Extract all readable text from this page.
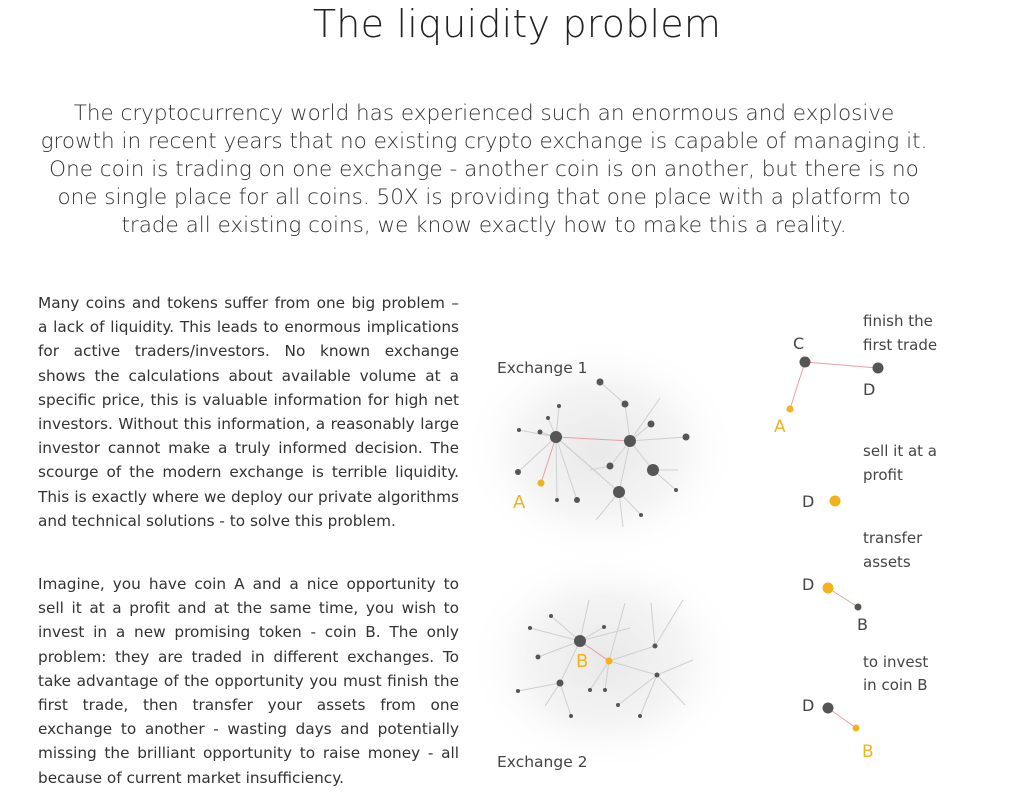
The liquidity problem
The cryptocurrency world has experienced such an enormous and explosive growth in recent years that no existing crypto exchange is capable of managing it. One coin is trading on one exchange - another coin is on another, but there is no one single place for all coins. 50X is providing that one place with a platform to trade all existing coins, we know exactly how to make this a reality.
Many coins and tokens suffer from one big problem – a lack of liquidity. This leads to enormous implications for active traders/investors. No known exchange shows the calculations about available volume at a specific price, this is valuable information for high net investors. Without this information, a reasonably large investor cannot make a truly informed decision. The scourge of the modern exchange is terrible liquidity. This is exactly where we deploy our private algorithms and technical solutions - to solve this problem.
Imagine, you have coin A and a nice opportunity to sell it at a profit and at the same time, you wish to invest in a new promising token - coin B. The only problem: they are traded in different exchanges. To take advantage of the opportunity you must finish the first trade, then transfer your assets from one exchange to another - wasting days and potentially missing the brilliant opportunity to raise money - all because of current market insufficiency.
A
Exchange 1
B
Exchange 2
C
D
A
finish the
first trade
D
sell it at a
profit
D
B
transfer
assets
D
B
to invest
in coin B
